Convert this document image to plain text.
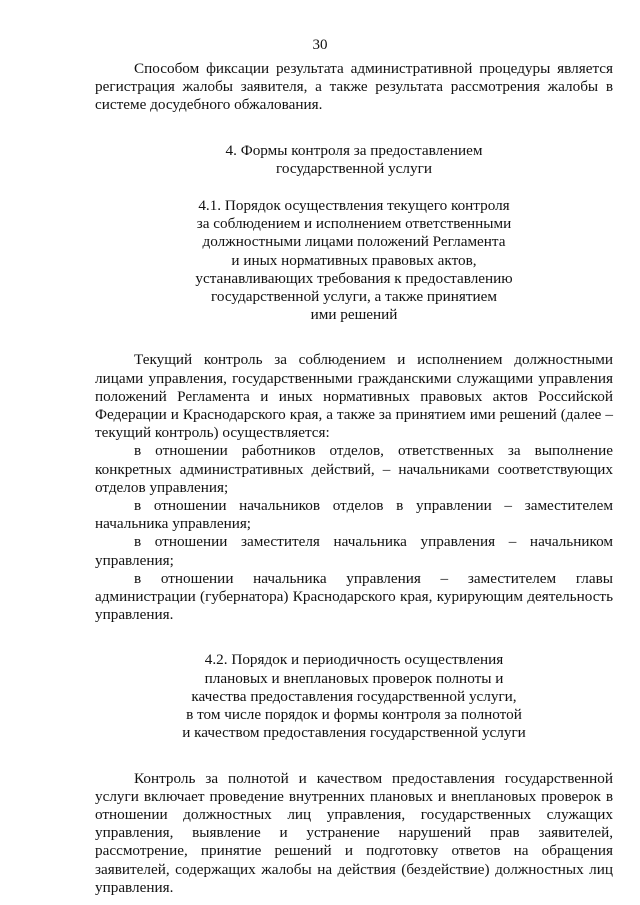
30

Способом фиксации результата административной процедуры является регистрация жалобы заявителя, а также результата рассмотрения жалобы в системе досудебного обжалования.

4. Формы контроля за предоставлением
государственной услуги
4.1. Порядок осуществления текущего контроля
за соблюдением и исполнением ответственными
должностными лицами положений Регламента
и иных нормативных правовых актов,
устанавливающих требования к предоставлению
государственной услуги, а также принятием
ими решений

Текущий контроль за соблюдением и исполнением должностными лицами управления, государственными гражданскими служащими управления положений Регламента и иных нормативных правовых актов Российской Федерации и Краснодарского края, а также за принятием ими решений (далее – текущий контроль) осуществляется:

в отношении работников отделов, ответственных за выполнение конкретных административных действий, – начальниками соответствующих отделов управления;

в отношении начальников отделов в управлении – заместителем начальника управления;

в отношении заместителя начальника управления – начальником управления;

в отношении начальника управления – заместителем главы администрации (губернатора) Краснодарского края, курирующим деятельность управления.

4.2. Порядок и периодичность осуществления
плановых и внеплановых проверок полноты и
качества предоставления государственной услуги,
в том числе порядок и формы контроля за полнотой
и качеством предоставления государственной услуги

Контроль за полнотой и качеством предоставления государственной услуги включает проведение внутренних плановых и внеплановых проверок в отношении должностных лиц управления, государственных служащих управления, выявление и устранение нарушений прав заявителей, рассмотрение, принятие решений и подготовку ответов на обращения заявителей, содержащих жалобы на действия (бездействие) должностных лиц управления.
